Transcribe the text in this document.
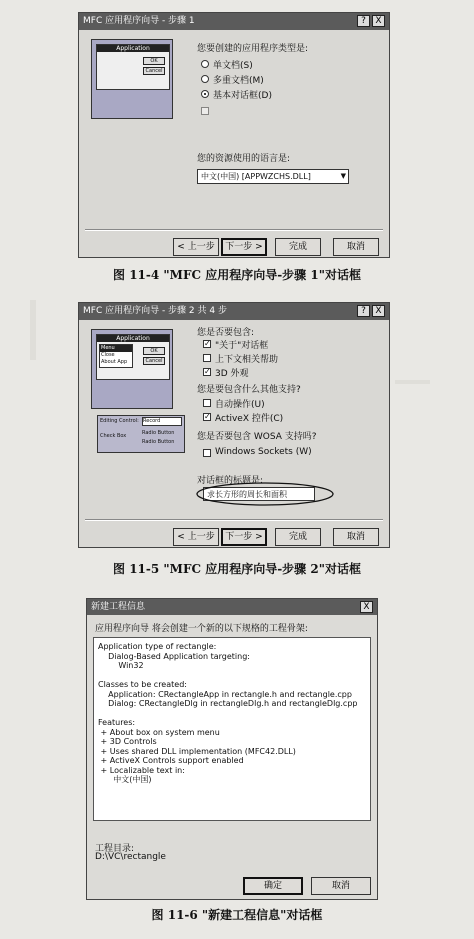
MFC 应用程序向导 - 步骤 1	?	X
Application
OK
Cancel
您要创建的应用程序类型是:
单文档(S)
多重文档(M)
基本对话框(D)
您的资源使用的语言是:
中文(中国) [APPWZCHS.DLL]	▼
< 上一步	下一步 >	完成	取消
图 11-4 "MFC 应用程序向导-步骤 1"对话框
MFC 应用程序向导 - 步骤 2 共 4 步	?	X
Application
Menu
Close
About App
OK
Cancel
Editing Control: Record
Check Box	Radio Button
Radio Button
您是否要包含:
✓ "关于"对话框
上下文相关帮助
✓ 3D 外观
您是要包含什么其他支持?
自动操作(U)
✓ ActiveX 控件(C)
您是否要包含 WOSA 支持吗?
Windows Sockets (W)
对话框的标题是:
求长方形的周长和面积
< 上一步	下一步 >	完成	取消
图 11-5 "MFC 应用程序向导-步骤 2"对话框
新建工程信息	X
应用程序向导 将会创建一个新的以下规格的工程骨架:
Application type of rectangle:
Dialog-Based Application targeting:
Win32

Classes to be created:
Application: CRectangleApp in rectangle.h and rectangle.cpp
Dialog: CRectangleDlg in rectangleDlg.h and rectangleDlg.cpp

Features:
+ About box on system menu
+ 3D Controls
+ Uses shared DLL implementation (MFC42.DLL)
+ ActiveX Controls support enabled
+ Localizable text in:
中文(中国)
工程目录:
D:\VC\rectangle
确定	取消
图 11-6 "新建工程信息"对话框
